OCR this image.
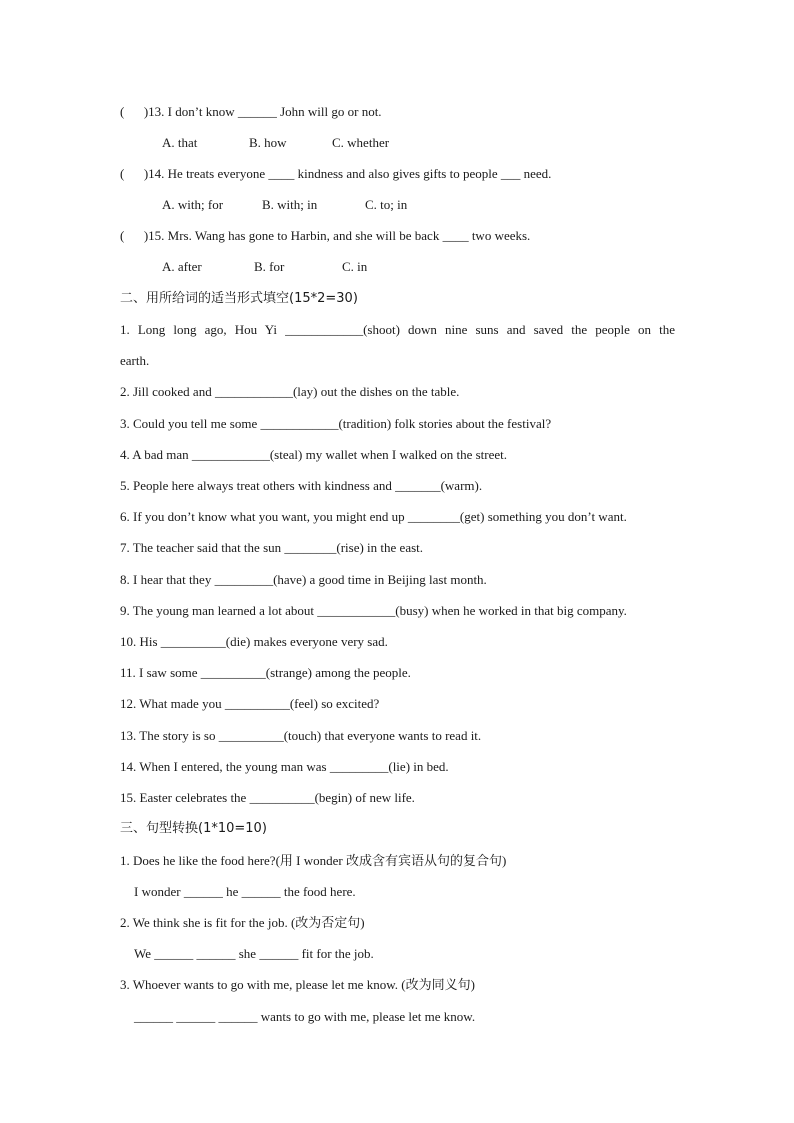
(      )13. I don’t know ______ John will go or not.
A. that	B. how	C. whether
(      )14. He treats everyone ____ kindness and also gives gifts to people ___ need.
A. with; for	B. with; in	C. to; in
(      )15. Mrs. Wang has gone to Harbin, and she will be back ____ two weeks.
A. after	B. for	C. in
二、用所给词的适当形式填空(15*2=30)
1. Long long ago, Hou Yi ____________(shoot) down nine suns and saved the people on the
earth.
2. Jill cooked and ____________(lay) out the dishes on the table.
3. Could you tell me some ____________(tradition) folk stories about the festival?
4. A bad man ____________(steal) my wallet when I walked on the street.
5. People here always treat others with kindness and _______(warm).
6. If you don’t know what you want, you might end up ________(get) something you don’t want.
7. The teacher said that the sun ________(rise) in the east.
8. I hear that they _________(have) a good time in Beijing last month.
9. The young man learned a lot about ____________(busy) when he worked in that big company.
10. His __________(die) makes everyone very sad.
11. I saw some __________(strange) among the people.
12. What made you __________(feel) so excited?
13. The story is so __________(touch) that everyone wants to read it.
14. When I entered, the young man was _________(lie) in bed.
15. Easter celebrates the __________(begin) of new life.
三、句型转换(1*10=10)
1. Does he like the food here?(用 I wonder 改成含有宾语从句的复合句)
I wonder ______ he ______ the food here.
2. We think she is fit for the job. (改为否定句)
We ______ ______ she ______ fit for the job.
3. Whoever wants to go with me, please let me know. (改为同义句)
______ ______ ______ wants to go with me, please let me know.
